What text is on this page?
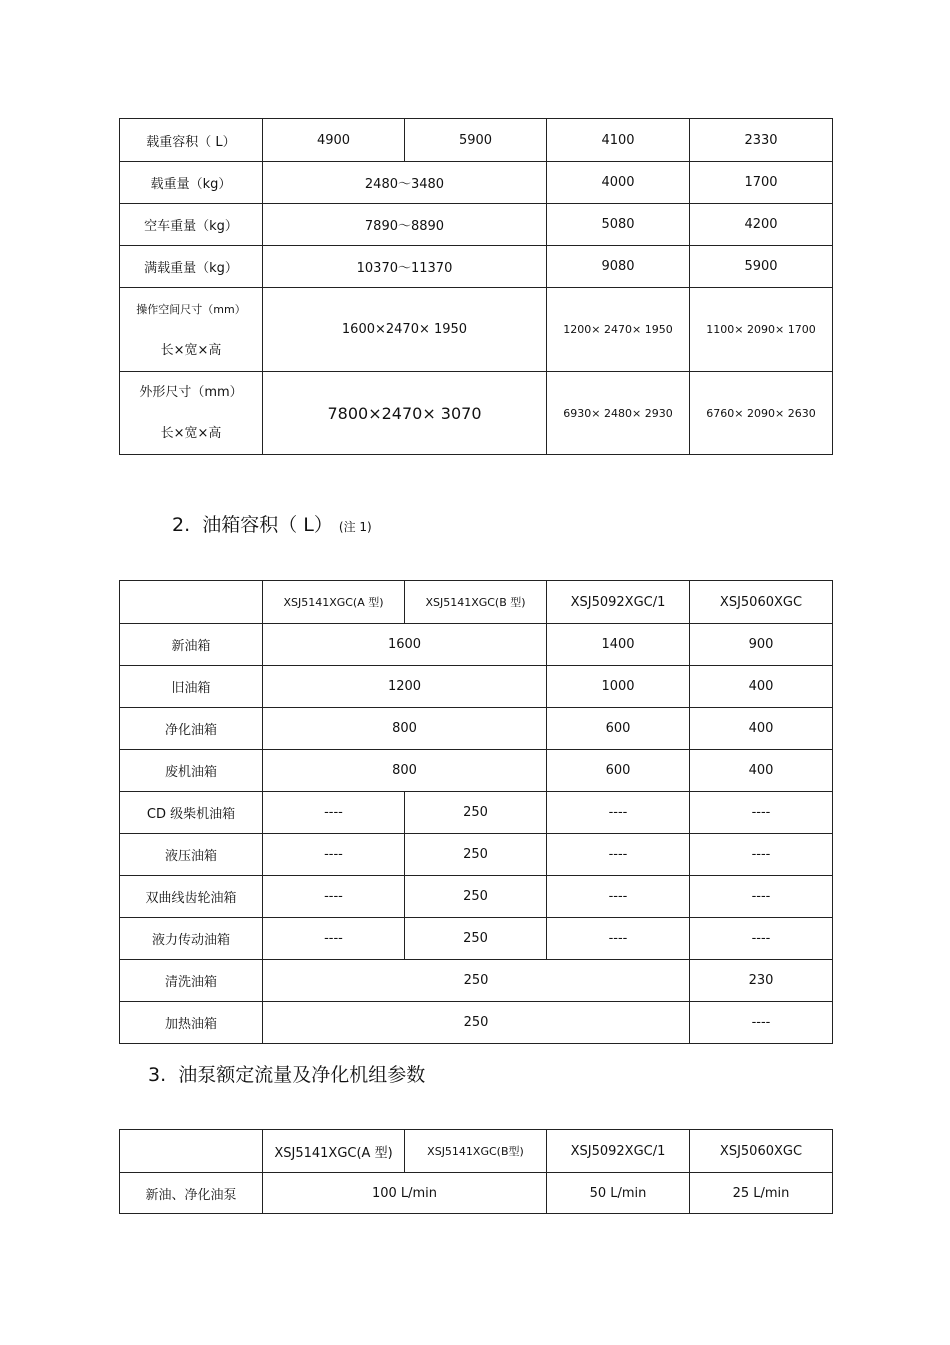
载重容积（ L）	4900	5900	4100	2330
载重量（kg）	2480～3480		4000	1700
空车重量（kg）	7890～8890		5080	4200
满载重量（kg）	10370～11370		9080	5900

操作空间尺寸（mm）
长×宽×高	1600×2470× 1950		1200× 2470× 1950	1100× 2090× 1700

外形尺寸（mm）
长×宽×高	7800×2470× 3070		6930× 2480× 2930	6760× 2090× 2630
2. 油箱容积（ L） (注 1)
	XSJ5141XGC(A 型)	XSJ5141XGC(B 型)	XSJ5092XGC/1	XSJ5060XGC
新油箱	1600		1400	900
旧油箱	1200		1000	400
净化油箱	800		600	400
废机油箱	800		600	400
CD 级柴机油箱	----	250	----	----
液压油箱	----	250	----	----
双曲线齿轮油箱	----	250	----	----
液力传动油箱	----	250	----	----
清洗油箱	250			230
加热油箱	250			----
3. 油泵额定流量及净化机组参数
	XSJ5141XGC(A 型)	XSJ5141XGC(B型)	XSJ5092XGC/1	XSJ5060XGC
新油、净化油泵	100 L/min		50 L/min	25 L/min
